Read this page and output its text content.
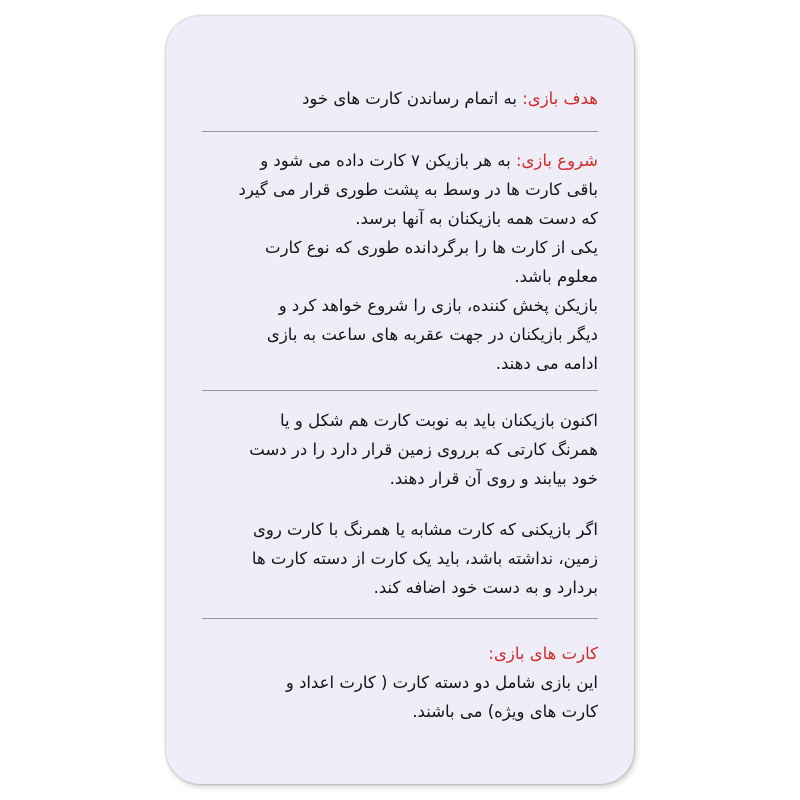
هدف بازی: به اتمام رساندن کارت های خود

شروع بازی: به هر بازیکن ۷ کارت داده می شود و

باقی کارت ها در وسط به پشت طوری قرار می گیرد

که دست همه بازیکنان به آنها برسد.

یکی از کارت ها را برگردانده طوری که نوع کارت

معلوم باشد.

بازیکن پخش کننده، بازی را شروع خواهد کرد و

دیگر بازیکنان در جهت عقربه های ساعت به بازی

ادامه می دهند.

اکنون بازیکنان باید به نوبت کارت هم شکل و یا

همرنگ کارتی که برروی زمین قرار دارد را در دست

خود بیابند و روی آن قرار دهند.

اگر بازیکنی که کارت مشابه یا همرنگ با کارت روی

زمین، نداشته باشد، باید یک کارت از دسته کارت ها

بردارد و به دست خود اضافه کند.

کارت های بازی:

این بازی شامل دو دسته کارت ( کارت اعداد و

کارت های ویژه) می باشند.
